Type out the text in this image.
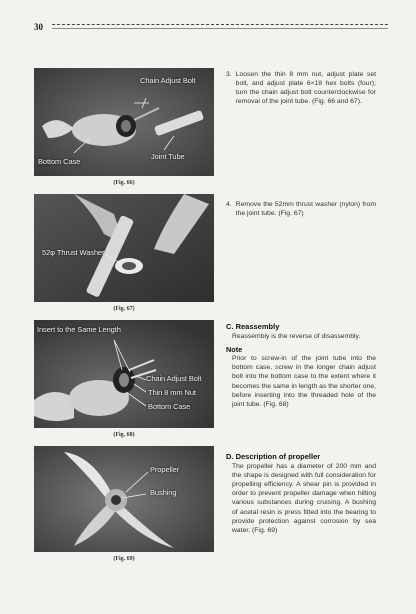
30
Chain Adjust Bolt
Bottom Case
Joint Tube
(Fig. 66)
52φ Thrust Washer
(Fig. 67)
Insert to the Same Length
Chain Adjust Bolt
Thin 8 mm Nut
Bottom Case
(Fig. 68)
Propeller
Bushing
(Fig. 69)
3. Loosen the thin 8 mm nut, adjust plate set bolt, and adjust plate 6×18 hex bolts (four); turn the chain adjust bolt counterclockwise for removal of the joint tube. (Fig. 66 and 67).
4. Remove the 52mm thrust washer (nylon) from the joint tube. (Fig. 67)
C. Reassembly
Reassembly is the reverse of disassembly.
Note
Prior to screw-in of the joint tube into the bottom case, screw in the longer chain adjust bolt into the bottom case to the extent where it becomes the same in length as the shorter one, before inserting into the threaded hole of the joint tube. (Fig. 68)
D. Description of propeller
The propeller has a diameter of 200 mm and the shape is designed with full consideration for propelling efficiency. A shear pin is provided in order to prevent propeller damage when hitting various substances during cruising. A bushing of acetal resin is press fitted into the bearing to provide protection against corrosion by sea water. (Fig. 69)
